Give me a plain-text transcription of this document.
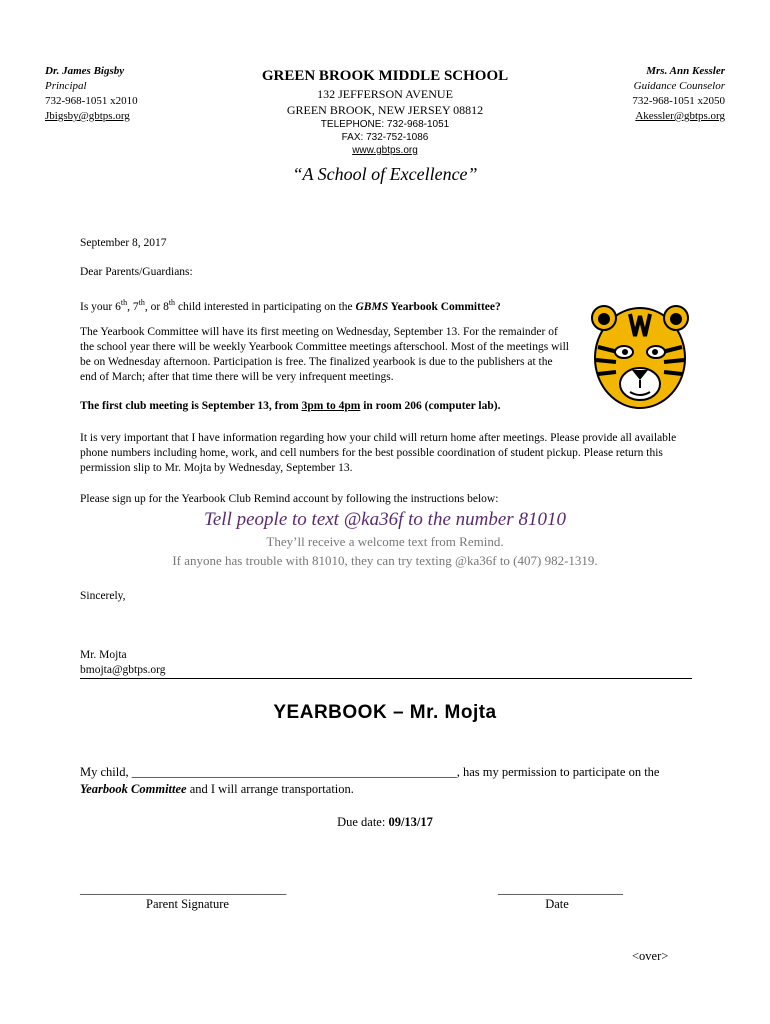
Dr. James Bigsby
Principal
732-968-1051 x2010
Jbigsby@gbtps.org
GREEN BROOK MIDDLE SCHOOL
132 JEFFERSON AVENUE
GREEN BROOK, NEW JERSEY 08812
TELEPHONE: 732-968-1051
FAX: 732-752-1086
www.gbtps.org
Mrs. Ann Kessler
Guidance Counselor
732-968-1051 x2050
Akessler@gbtps.org
“A School of Excellence”
September 8, 2017
Dear Parents/Guardians:
Is your 6th, 7th, or 8th child interested in participating on the GBMS Yearbook Committee?
The Yearbook Committee will have its first meeting on Wednesday, September 13. For the remainder of the school year there will be weekly Yearbook Committee meetings afterschool. Most of the meetings will be on Wednesday afternoon. Participation is free. The finalized yearbook is due to the publishers at the end of March; after that time there will be very infrequent meetings.
The first club meeting is September 13, from 3pm to 4pm in room 206 (computer lab).
It is very important that I have information regarding how your child will return home after meetings. Please provide all available phone numbers including home, work, and cell numbers for the best possible coordination of student pickup. Please return this permission slip to Mr. Mojta by Wednesday, September 13.
Please sign up for the Yearbook Club Remind account by following the instructions below:
Tell people to text @ka36f to the number 81010
They’ll receive a welcome text from Remind.
If anyone has trouble with 81010, they can try texting @ka36f to (407) 982-1319.
Sincerely,
Mr. Mojta
bmojta@gbtps.org
YEARBOOK – Mr. Mojta
My child, ____________________________________________________, has my permission to participate on the Yearbook Committee and I will arrange transportation.
Due date: 09/13/17
_________________________________
Parent Signature
____________________
Date
<over>
